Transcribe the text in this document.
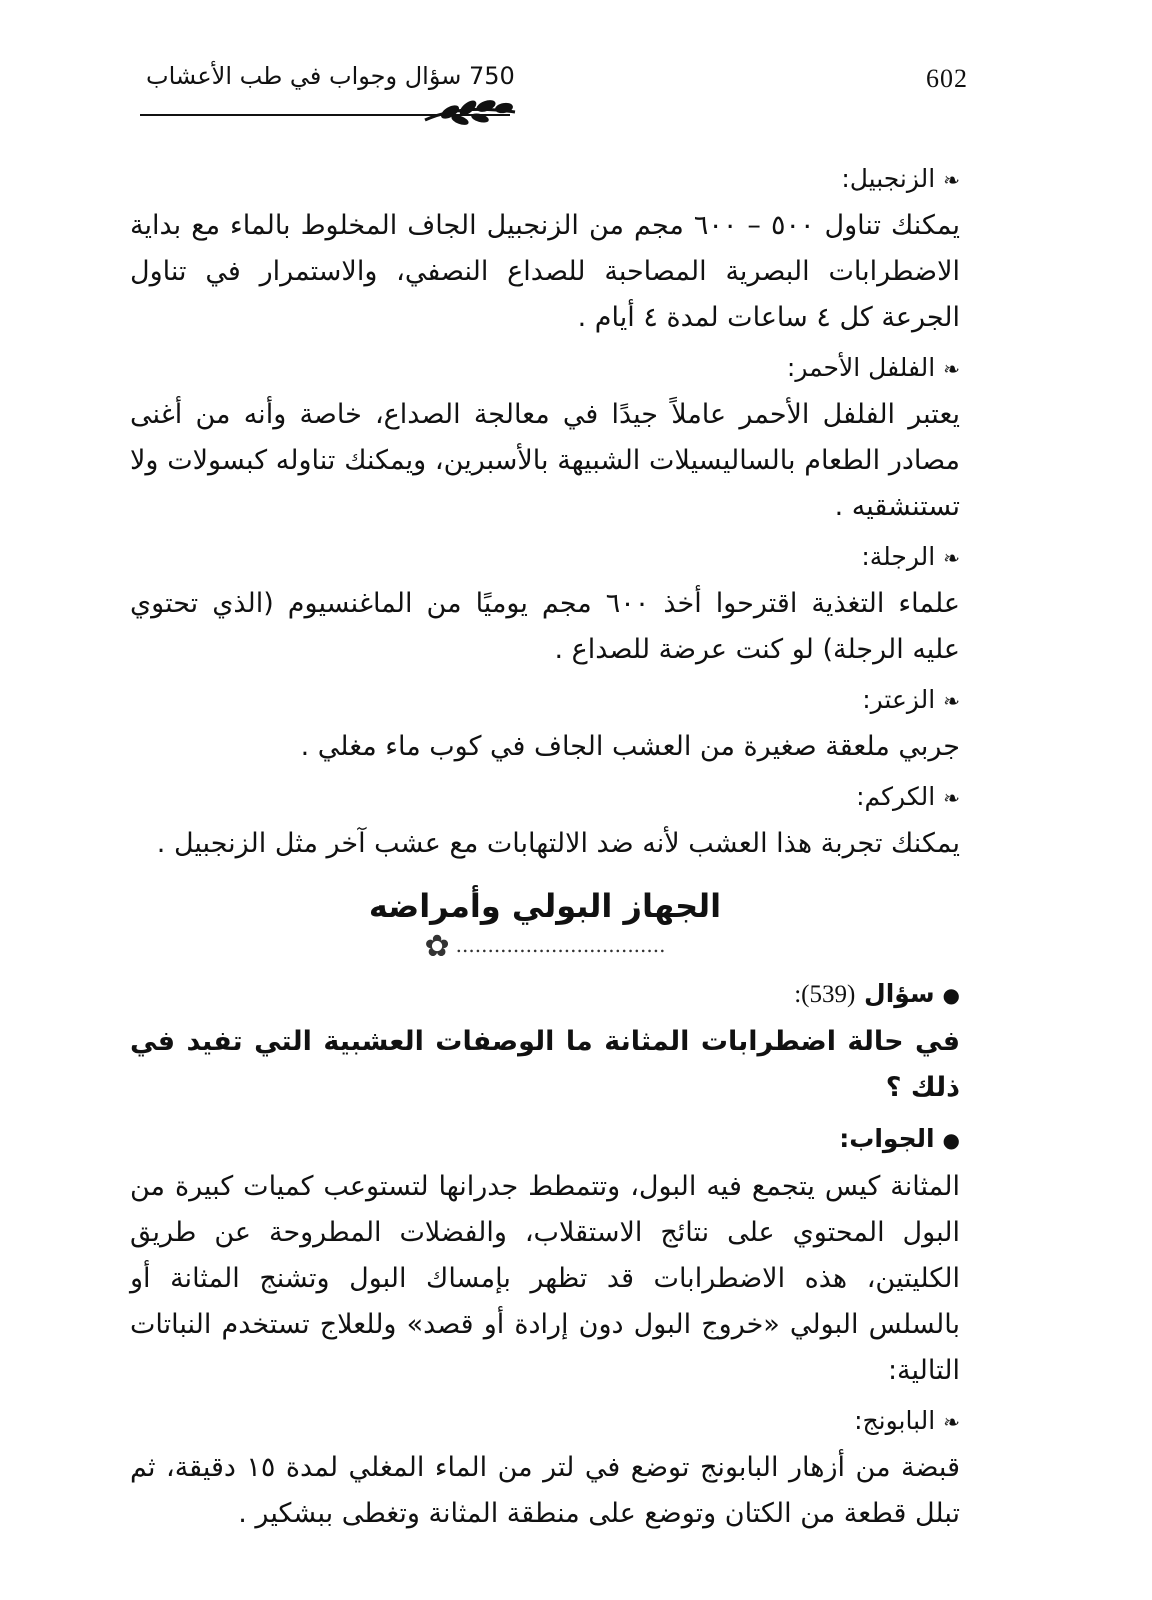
602
750 سؤال وجواب في طب الأعشاب

❧الزنجبيل:

يمكنك تناول ٥٠٠ – ٦٠٠ مجم من الزنجبيل الجاف المخلوط بالماء مع بداية الاضطرابات البصرية المصاحبة للصداع النصفي، والاستمرار في تناول الجرعة كل ٤ ساعات لمدة ٤ أيام .

❧الفلفل الأحمر:

يعتبر الفلفل الأحمر عاملاً جيدًا في معالجة الصداع، خاصة وأنه من أغنى مصادر الطعام بالساليسيلات الشبيهة بالأسبرين، ويمكنك تناوله كبسولات ولا تستنشقيه .

❧الرجلة:

علماء التغذية اقترحوا أخذ ٦٠٠ مجم يوميًا من الماغنسيوم (الذي تحتوي عليه الرجلة) لو كنت عرضة للصداع .

❧الزعتر:

جربي ملعقة صغيرة من العشب الجاف في كوب ماء مغلي .

❧الكركم:

يمكنك تجربة هذا العشب لأنه ضد الالتهابات مع عشب آخر مثل الزنجبيل .

الجهاز البولي وأمراضه

✿ .................................

●سؤال (539):

في حالة اضطرابات المثانة ما الوصفات العشبية التي تفيد في ذلك ؟

●الجواب:

المثانة كيس يتجمع فيه البول، وتتمطط جدرانها لتستوعب كميات كبيرة من البول المحتوي على نتائج الاستقلاب، والفضلات المطروحة عن طريق الكليتين، هذه الاضطرابات قد تظهر بإمساك البول وتشنج المثانة أو بالسلس البولي «خروج البول دون إرادة أو قصد» وللعلاج تستخدم النباتات التالية:

❧البابونج:

قبضة من أزهار البابونج توضع في لتر من الماء المغلي لمدة ١٥ دقيقة، ثم تبلل قطعة من الكتان وتوضع على منطقة المثانة وتغطى ببشكير .
